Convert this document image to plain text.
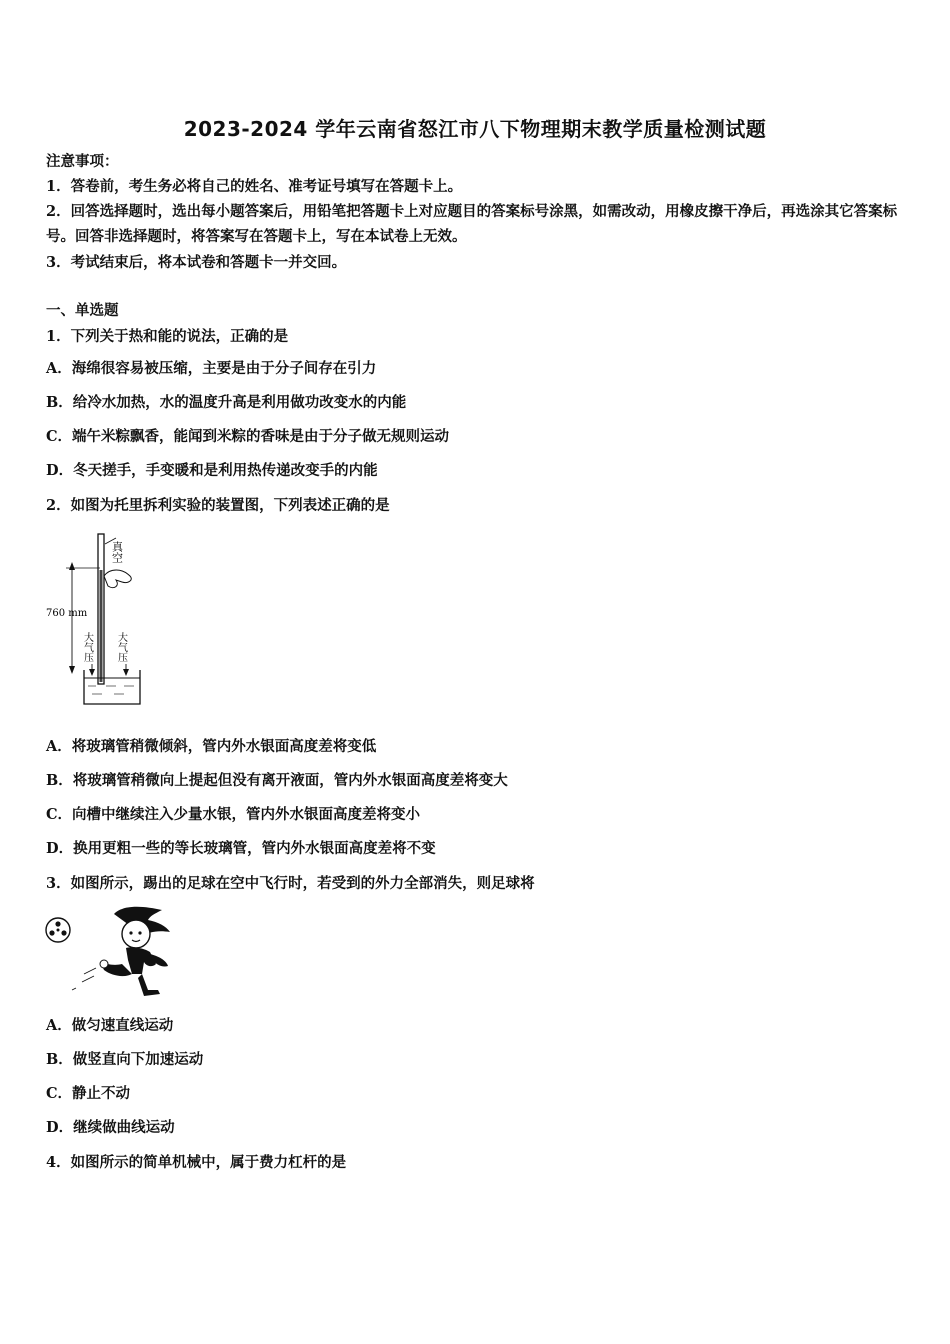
2023-2024 学年云南省怒江市八下物理期末教学质量检测试题
注意事项：
1．答卷前，考生务必将自己的姓名、准考证号填写在答题卡上。
2．回答选择题时，选出每小题答案后，用铅笔把答题卡上对应题目的答案标号涂黑，如需改动，用橡皮擦干净后，再选涂其它答案标号。回答非选择题时，将答案写在答题卡上，写在本试卷上无效。
3．考试结束后，将本试卷和答题卡一并交回。
一、单选题
1．下列关于热和能的说法，正确的是
A．海绵很容易被压缩，主要是由于分子间存在引力
B．给冷水加热，水的温度升高是利用做功改变水的内能
C．端午米粽飘香，能闻到米粽的香味是由于分子做无规则运动
D．冬天搓手，手变暖和是利用热传递改变手的内能
2．如图为托里拆利实验的装置图，下列表述正确的是
真空
760 mm
大气压 大气压
A．将玻璃管稍微倾斜，管内外水银面高度差将变低
B．将玻璃管稍微向上提起但没有离开液面，管内外水银面高度差将变大
C．向槽中继续注入少量水银，管内外水银面高度差将变小
D．换用更粗一些的等长玻璃管，管内外水银面高度差将不变
3．如图所示，踢出的足球在空中飞行时，若受到的外力全部消失，则足球将
A．做匀速直线运动
B．做竖直向下加速运动
C．静止不动
D．继续做曲线运动
4．如图所示的简单机械中，属于费力杠杆的是
